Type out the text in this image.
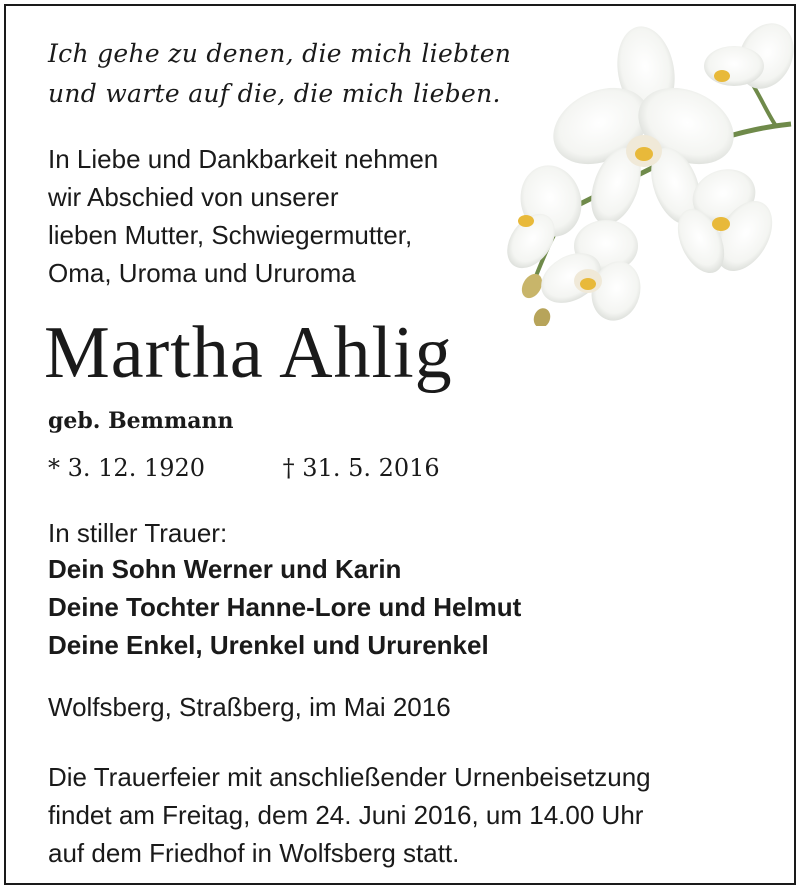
Ich gehe zu denen, die mich liebten
und warte auf die, die mich lieben.
In Liebe und Dankbarkeit nehmen
wir Abschied von unserer
lieben Mutter, Schwiegermutter,
Oma, Uroma und Ururoma
Martha Ahlig
geb. Bemmann
* 3. 12. 1920	† 31. 5. 2016
In stiller Trauer:
Dein Sohn Werner und Karin
Deine Tochter Hanne-Lore und Helmut
Deine Enkel, Urenkel und Ururenkel
Wolfsberg, Straßberg, im Mai 2016
Die Trauerfeier mit anschließender Urnenbeisetzung
findet am Freitag, dem 24. Juni 2016, um 14.00 Uhr
auf dem Friedhof in Wolfsberg statt.
